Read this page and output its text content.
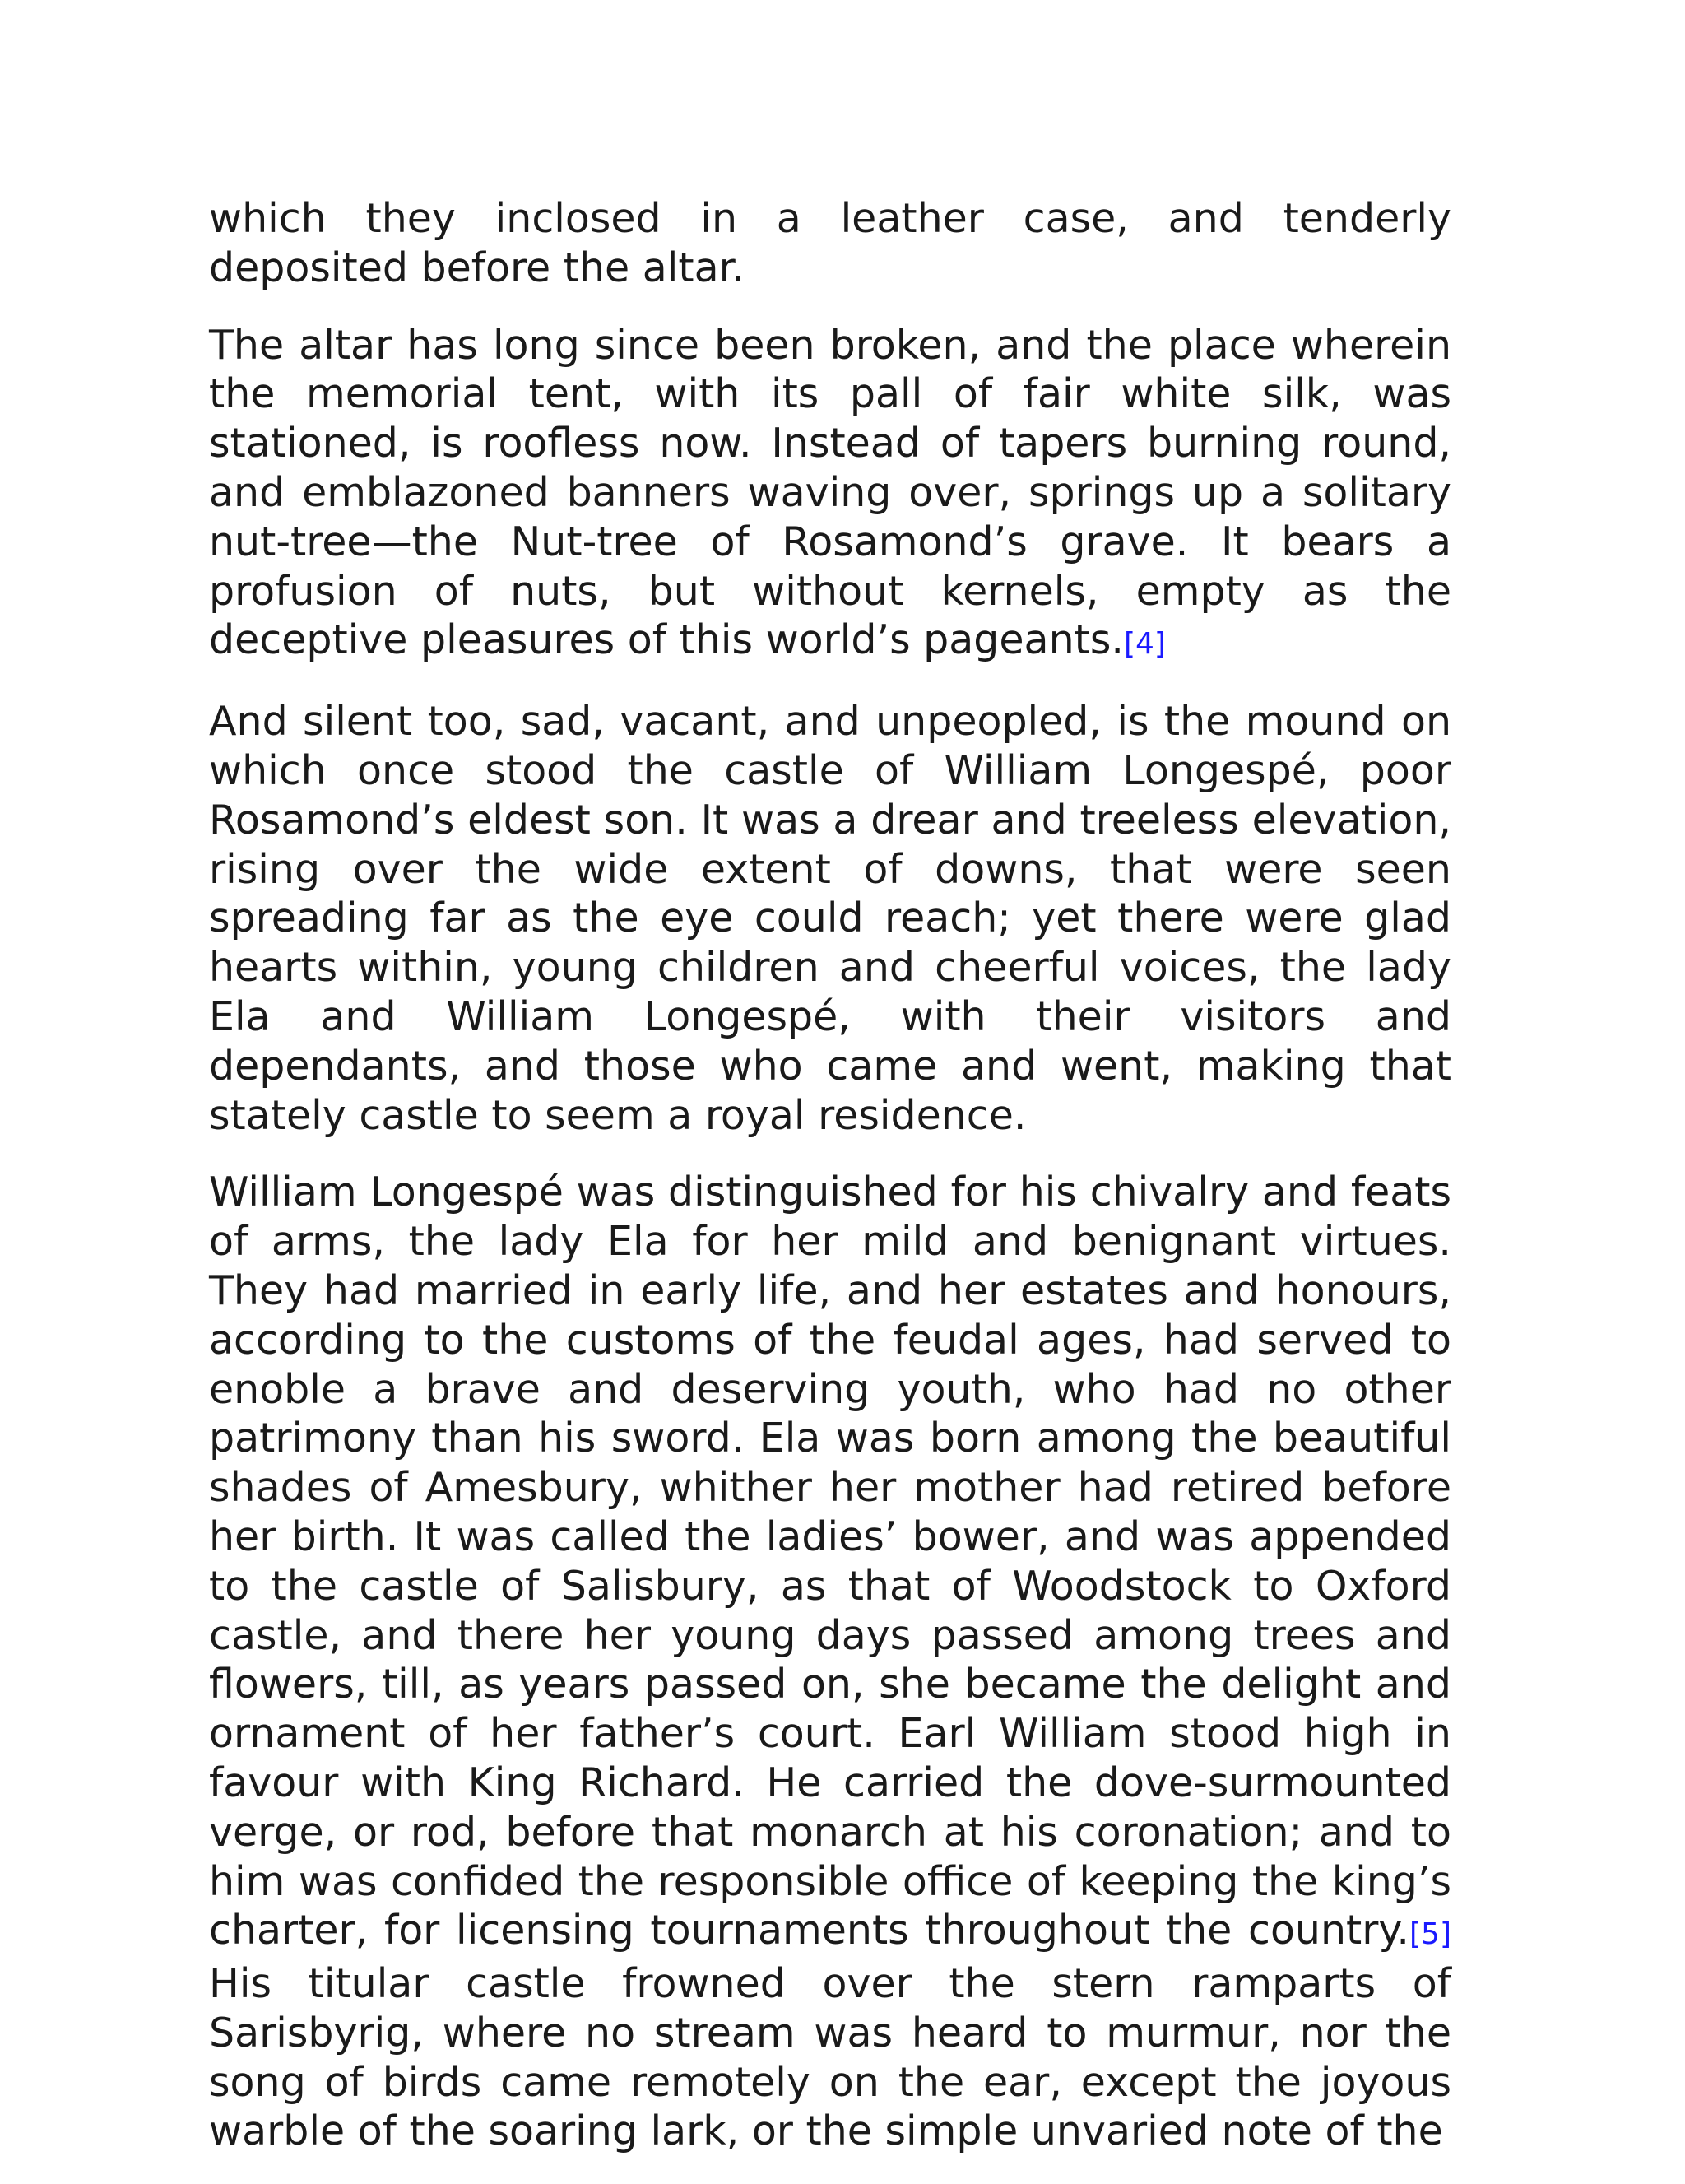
which they inclosed in a leather case, and tenderly deposited before the altar.

The altar has long since been broken, and the place wherein the memorial tent, with its pall of fair white silk, was stationed, is roofless now. Instead of tapers burning round, and emblazoned banners waving over, springs up a solitary nut-tree—the Nut-tree of Rosamond’s grave. It bears a profusion of nuts, but without kernels, empty as the deceptive pleasures of this world’s pageants.[4]

And silent too, sad, vacant, and unpeopled, is the mound on which once stood the castle of William Longespé, poor Rosamond’s eldest son. It was a drear and treeless elevation, rising over the wide extent of downs, that were seen spreading far as the eye could reach; yet there were glad hearts within, young children and cheerful voices, the lady Ela and William Longespé, with their visitors and dependants, and those who came and went, making that stately castle to seem a royal residence.

William Longespé was distinguished for his chivalry and feats of arms, the lady Ela for her mild and benignant virtues. They had married in early life, and her estates and honours, according to the customs of the feudal ages, had served to enoble a brave and deserving youth, who had no other patrimony than his sword. Ela was born among the beautiful shades of Amesbury, whither her mother had retired before her birth. It was called the ladies’ bower, and was appended to the castle of Salisbury, as that of Woodstock to Oxford castle, and there her young days passed among trees and flowers, till, as years passed on, she became the delight and ornament of her father’s court. Earl William stood high in favour with King Richard. He carried the dove-surmounted verge, or rod, before that monarch at his coronation; and to him was confided the responsible office of keeping the king’s charter, for licensing tournaments throughout the country.[5] His titular castle frowned over the stern ramparts of Sarisbyrig, where no stream was heard to murmur, nor the song of birds came remotely on the ear, except the joyous warble of the soaring lark, or the simple unvaried note of the
